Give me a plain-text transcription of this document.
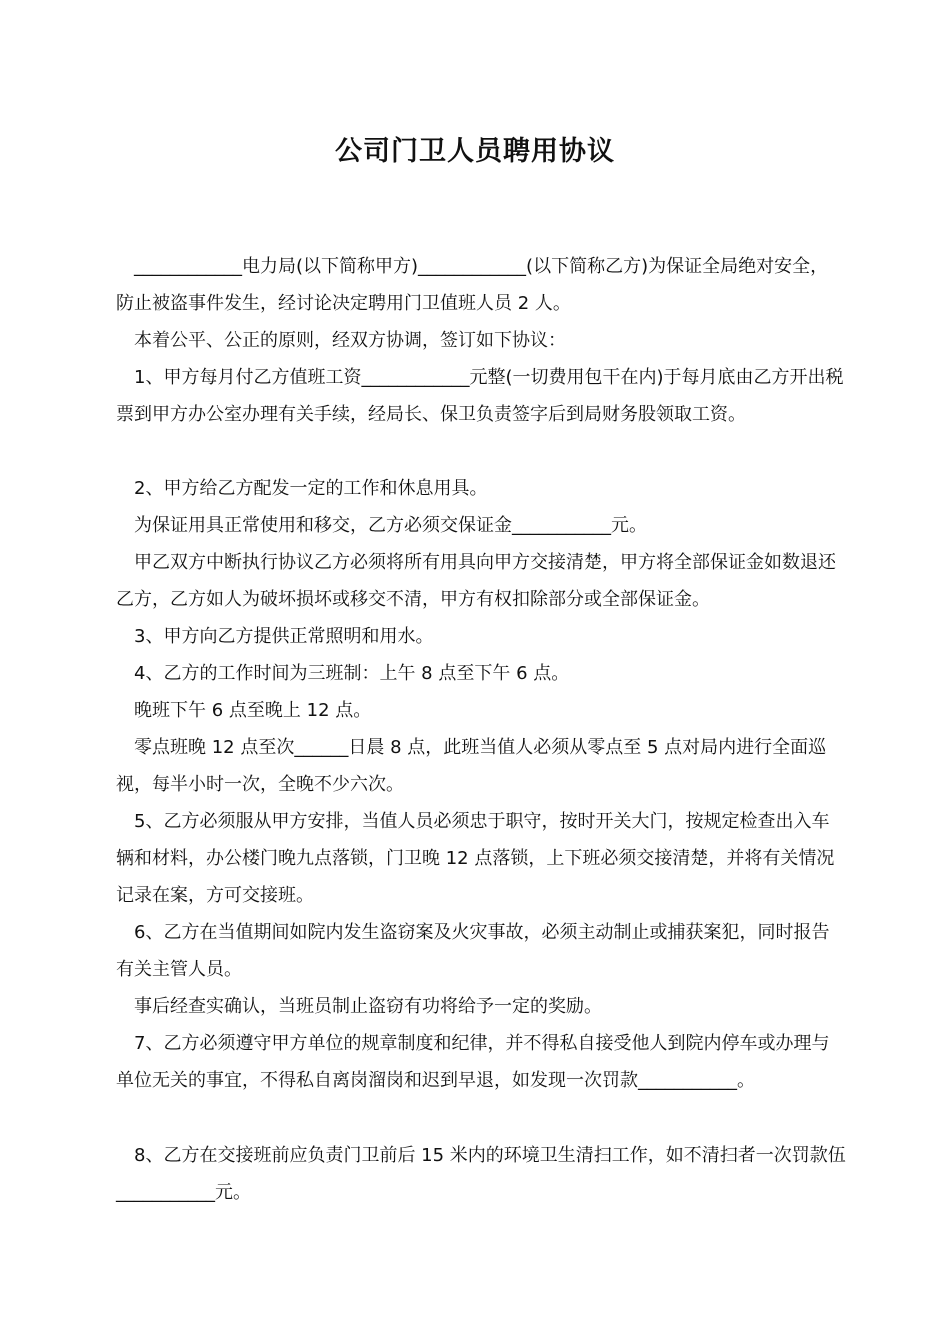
公司门卫人员聘用协议
____________电力局(以下简称甲方)____________(以下简称乙方)为保证全局绝对安全，防止被盗事件发生，经讨论决定聘用门卫值班人员 2 人。
本着公平、公正的原则，经双方协调，签订如下协议：
1、甲方每月付乙方值班工资____________元整(一切费用包干在内)于每月底由乙方开出税票到甲方办公室办理有关手续，经局长、保卫负责签字后到局财务股领取工资。
2、甲方给乙方配发一定的工作和休息用具。
为保证用具正常使用和移交，乙方必须交保证金___________元。
甲乙双方中断执行协议乙方必须将所有用具向甲方交接清楚，甲方将全部保证金如数退还乙方，乙方如人为破坏损坏或移交不清，甲方有权扣除部分或全部保证金。
3、甲方向乙方提供正常照明和用水。
4、乙方的工作时间为三班制：上午 8 点至下午 6 点。
晚班下午 6 点至晚上 12 点。
零点班晚 12 点至次______日晨 8 点，此班当值人必须从零点至 5 点对局内进行全面巡视，每半小时一次，全晚不少六次。
5、乙方必须服从甲方安排，当值人员必须忠于职守，按时开关大门，按规定检查出入车辆和材料，办公楼门晚九点落锁，门卫晚 12 点落锁，上下班必须交接清楚，并将有关情况记录在案，方可交接班。
6、乙方在当值期间如院内发生盗窃案及火灾事故，必须主动制止或捕获案犯，同时报告有关主管人员。
事后经查实确认，当班员制止盗窃有功将给予一定的奖励。
7、乙方必须遵守甲方单位的规章制度和纪律，并不得私自接受他人到院内停车或办理与单位无关的事宜，不得私自离岗溜岗和迟到早退，如发现一次罚款___________。
8、乙方在交接班前应负责门卫前后 15 米内的环境卫生清扫工作，如不清扫者一次罚款伍___________元。
